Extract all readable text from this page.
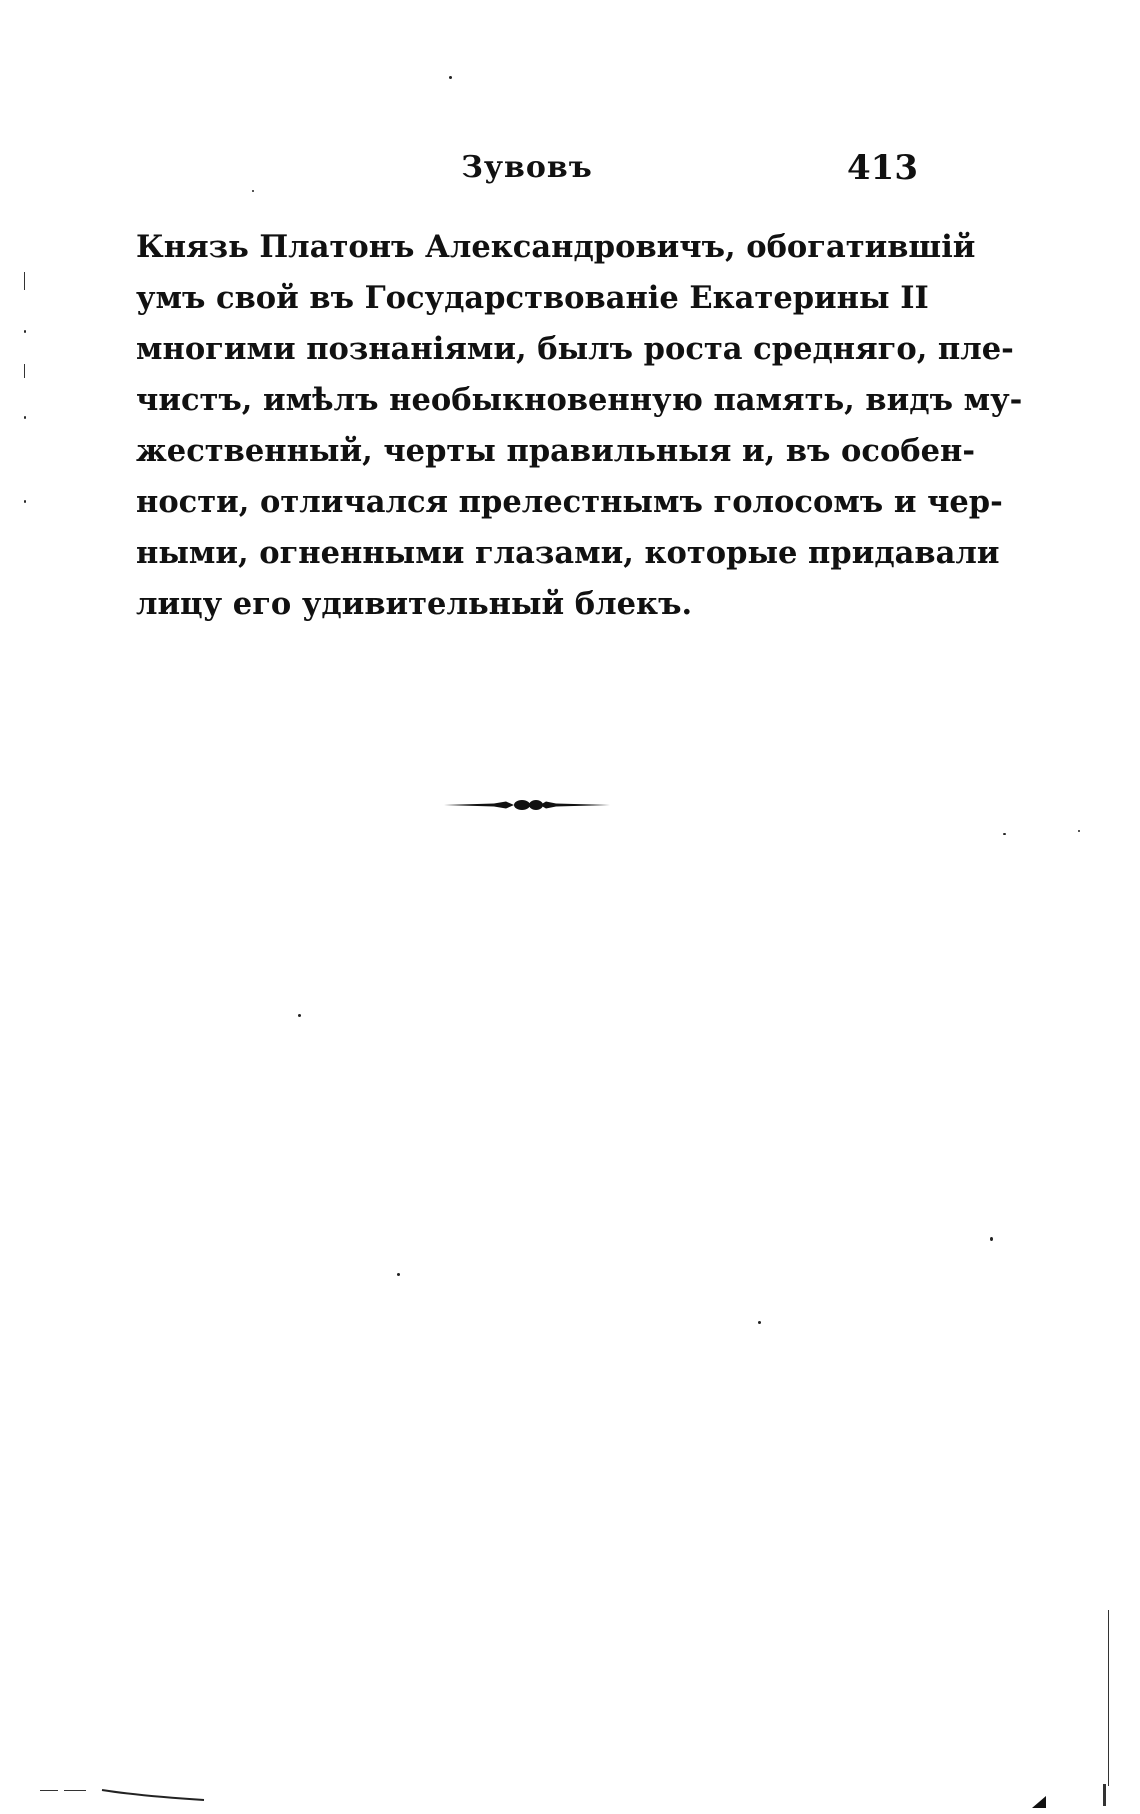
Зувовъ	413
Князь Платонъ Александровичъ, обогатившій
умъ свой въ Государствованіе Екатерины II
многими познаніями, былъ роста средняго, пле-
чистъ, имѣлъ необыкновенную память, видъ му-
жественный, черты правильныя и, въ особен-
ности, отличался прелестнымъ голосомъ и чер-
ными, огненными глазами, которые придавали
лицу его удивительный блекъ.
